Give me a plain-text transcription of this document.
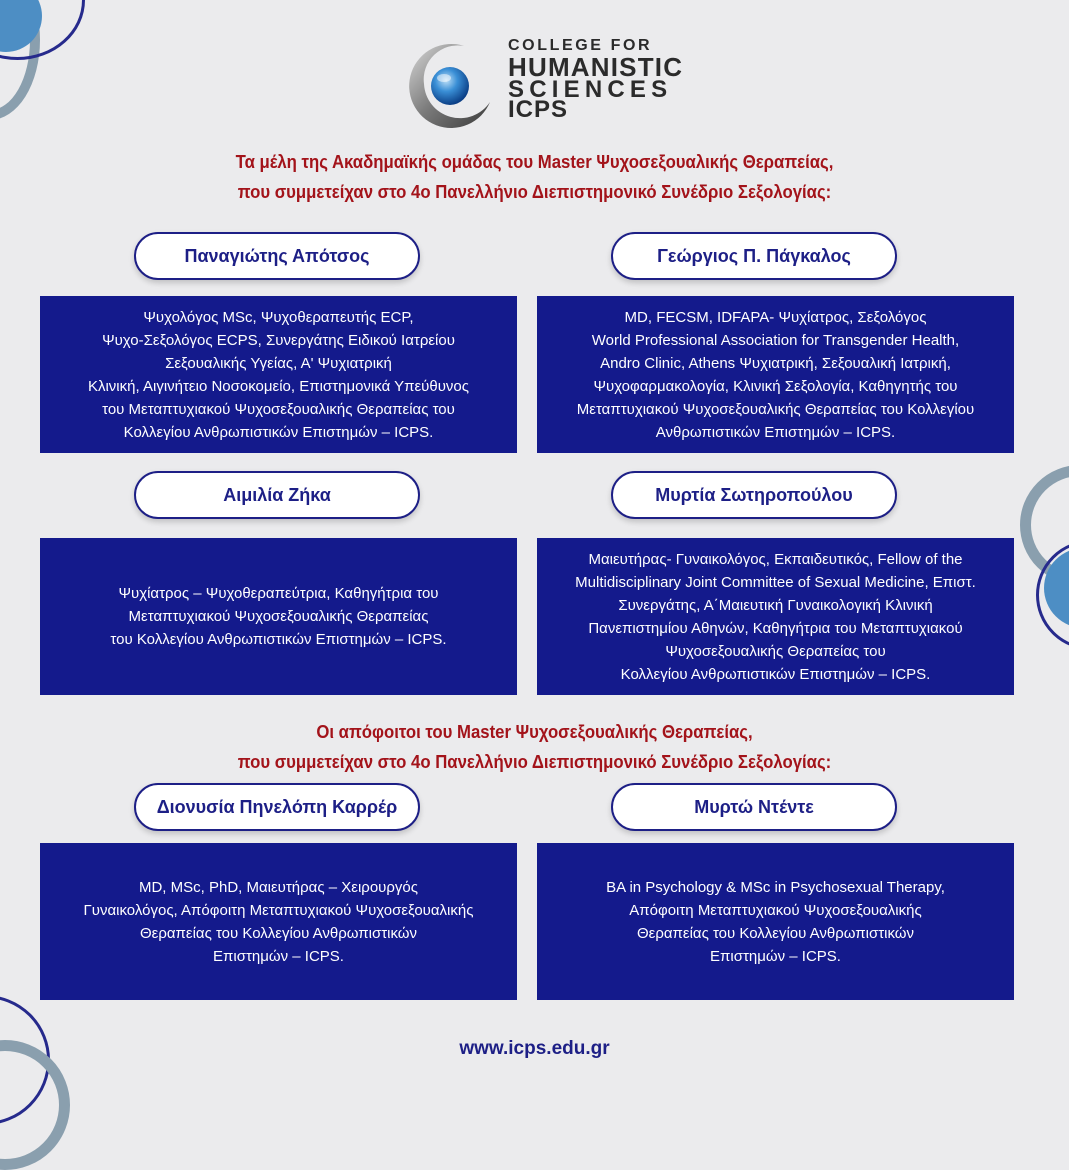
COLLEGE FOR
HUMANISTIC
SCIENCES
ICPS
Τα μέλη της Ακαδημαϊκής ομάδας του Master Ψυχοσεξουαλικής Θεραπείας,
που συμμετείχαν στο 4ο Πανελλήνιο Διεπιστημονικό Συνέδριο Σεξολογίας:
Παναγιώτης Απότσος	Γεώργιος Π. Πάγκαλος
Ψυχολόγος MSc, Ψυχοθεραπευτής ECP,
Ψυχο-Σεξολόγος ECPS, Συνεργάτης Ειδικού Ιατρείου
Σεξουαλικής Υγείας, Α' Ψυχιατρική
Κλινική, Αιγινήτειο Νοσοκομείο, Επιστημονικά Υπεύθυνος
του Μεταπτυχιακού Ψυχοσεξουαλικής Θεραπείας του
Κολλεγίου Ανθρωπιστικών Επιστημών – ICPS.
MD, FECSM, IDFAPA- Ψυχίατρος, Σεξολόγος
World Professional Association for Transgender Health,
Andro Clinic, Athens Ψυχιατρική, Σεξουαλική Ιατρική,
Ψυχοφαρμακολογία, Κλινική Σεξολογία, Καθηγητής του
Μεταπτυχιακού Ψυχοσεξουαλικής Θεραπείας του Κολλεγίου
Ανθρωπιστικών Επιστημών – ICPS.
Αιμιλία Ζήκα	Μυρτία Σωτηροπούλου
Ψυχίατρος – Ψυχοθεραπεύτρια, Καθηγήτρια του
Μεταπτυχιακού Ψυχοσεξουαλικής Θεραπείας
του Κολλεγίου Ανθρωπιστικών Επιστημών – ICPS.
Μαιευτήρας- Γυναικολόγος, Εκπαιδευτικός, Fellow of the
Multidisciplinary Joint Committee of Sexual Medicine, Επιστ.
Συνεργάτης, Α΄Μαιευτική Γυναικολογική Κλινική
Πανεπιστημίου Αθηνών, Καθηγήτρια του Μεταπτυχιακού
Ψυχοσεξουαλικής Θεραπείας του
Κολλεγίου Ανθρωπιστικών Επιστημών – ICPS.
Οι απόφοιτοι του Master Ψυχοσεξουαλικής Θεραπείας,
που συμμετείχαν στο 4ο Πανελλήνιο Διεπιστημονικό Συνέδριο Σεξολογίας:
Διονυσία Πηνελόπη Καρρέρ	Μυρτώ Ντέντε
MD, MSc, PhD, Μαιευτήρας – Χειρουργός
Γυναικολόγος, Απόφοιτη Μεταπτυχιακού Ψυχοσεξουαλικής
Θεραπείας του Κολλεγίου Ανθρωπιστικών
Επιστημών – ICPS.
BA in Psychology & MSc in Psychosexual Therapy,
Απόφοιτη Μεταπτυχιακού Ψυχοσεξουαλικής
Θεραπείας του Κολλεγίου Ανθρωπιστικών
Επιστημών – ICPS.
www.icps.edu.gr
